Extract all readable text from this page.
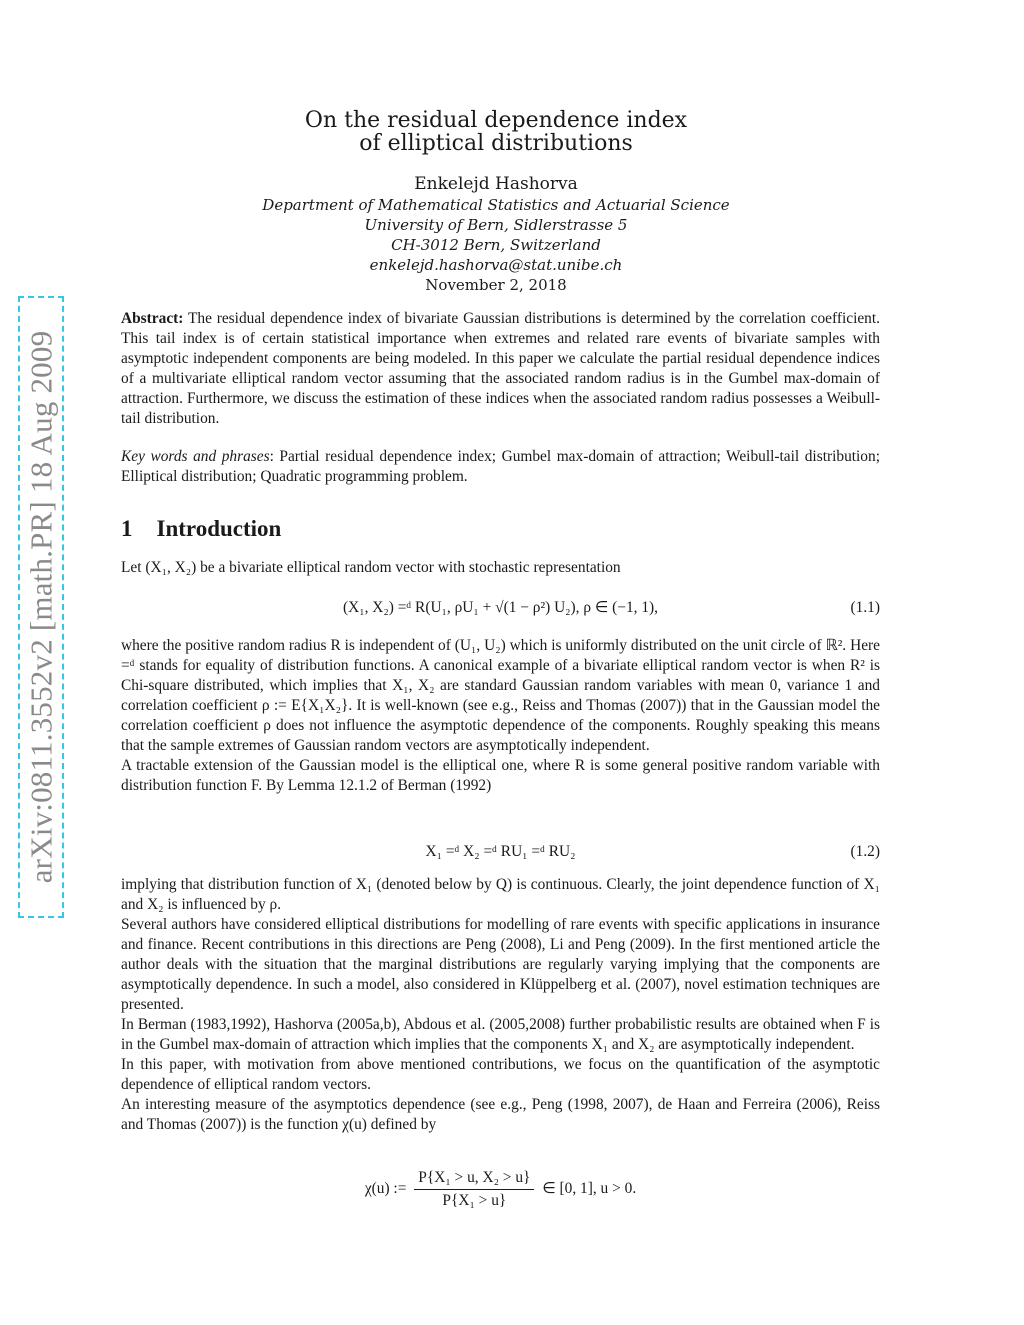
arXiv:0811.3552v2 [math.PR] 18 Aug 2009
On the residual dependence index
of elliptical distributions
Enkelejd Hashorva
Department of Mathematical Statistics and Actuarial Science
University of Bern, Sidlerstrasse 5
CH-3012 Bern, Switzerland
enkelejd.hashorva@stat.unibe.ch
November 2, 2018

Abstract: The residual dependence index of bivariate Gaussian distributions is determined by the correlation coefficient. This tail index is of certain statistical importance when extremes and related rare events of bivariate samples with asymptotic independent components are being modeled. In this paper we calculate the partial residual dependence indices of a multivariate elliptical random vector assuming that the associated random radius is in the Gumbel max-domain of attraction. Furthermore, we discuss the estimation of these indices when the associated random radius possesses a Weibull-tail distribution.

Key words and phrases: Partial residual dependence index; Gumbel max-domain of attraction; Weibull-tail distribution; Elliptical distribution; Quadratic programming problem.

1 Introduction

Let (X₁, X₂) be a bivariate elliptical random vector with stochastic representation

(X₁, X₂) =ᵈ R(U₁, ρU₁ + √(1 − ρ²) U₂), ρ ∈ (−1, 1),	(1.1)

where the positive random radius R is independent of (U₁, U₂) which is uniformly distributed on the unit circle of ℝ². Here =ᵈ stands for equality of distribution functions. A canonical example of a bivariate elliptical random vector is when R² is Chi-square distributed, which implies that X₁, X₂ are standard Gaussian random variables with mean 0, variance 1 and correlation coefficient ρ := E{X₁X₂}. It is well-known (see e.g., Reiss and Thomas (2007)) that in the Gaussian model the correlation coefficient ρ does not influence the asymptotic dependence of the components. Roughly speaking this means that the sample extremes of Gaussian random vectors are asymptotically independent.

A tractable extension of the Gaussian model is the elliptical one, where R is some general positive random variable with distribution function F. By Lemma 12.1.2 of Berman (1992)

X₁ =ᵈ X₂ =ᵈ RU₁ =ᵈ RU₂	(1.2)

implying that distribution function of X₁ (denoted below by Q) is continuous. Clearly, the joint dependence function of X₁ and X₂ is influenced by ρ.

Several authors have considered elliptical distributions for modelling of rare events with specific applications in insurance and finance. Recent contributions in this directions are Peng (2008), Li and Peng (2009). In the first mentioned article the author deals with the situation that the marginal distributions are regularly varying implying that the components are asymptotically dependence. In such a model, also considered in Klüppelberg et al. (2007), novel estimation techniques are presented.

In Berman (1983,1992), Hashorva (2005a,b), Abdous et al. (2005,2008) further probabilistic results are obtained when F is in the Gumbel max-domain of attraction which implies that the components X₁ and X₂ are asymptotically independent.

In this paper, with motivation from above mentioned contributions, we focus on the quantification of the asymptotic dependence of elliptical random vectors.

An interesting measure of the asymptotics dependence (see e.g., Peng (1998, 2007), de Haan and Ferreira (2006), Reiss and Thomas (2007)) is the function χ(u) defined by

χ(u) := $\frac{\text{P\{X₁ > u, X₂ > u\}}}{\text{P\{X₁ > u\}}}$ ∈ [0, 1], u > 0.
